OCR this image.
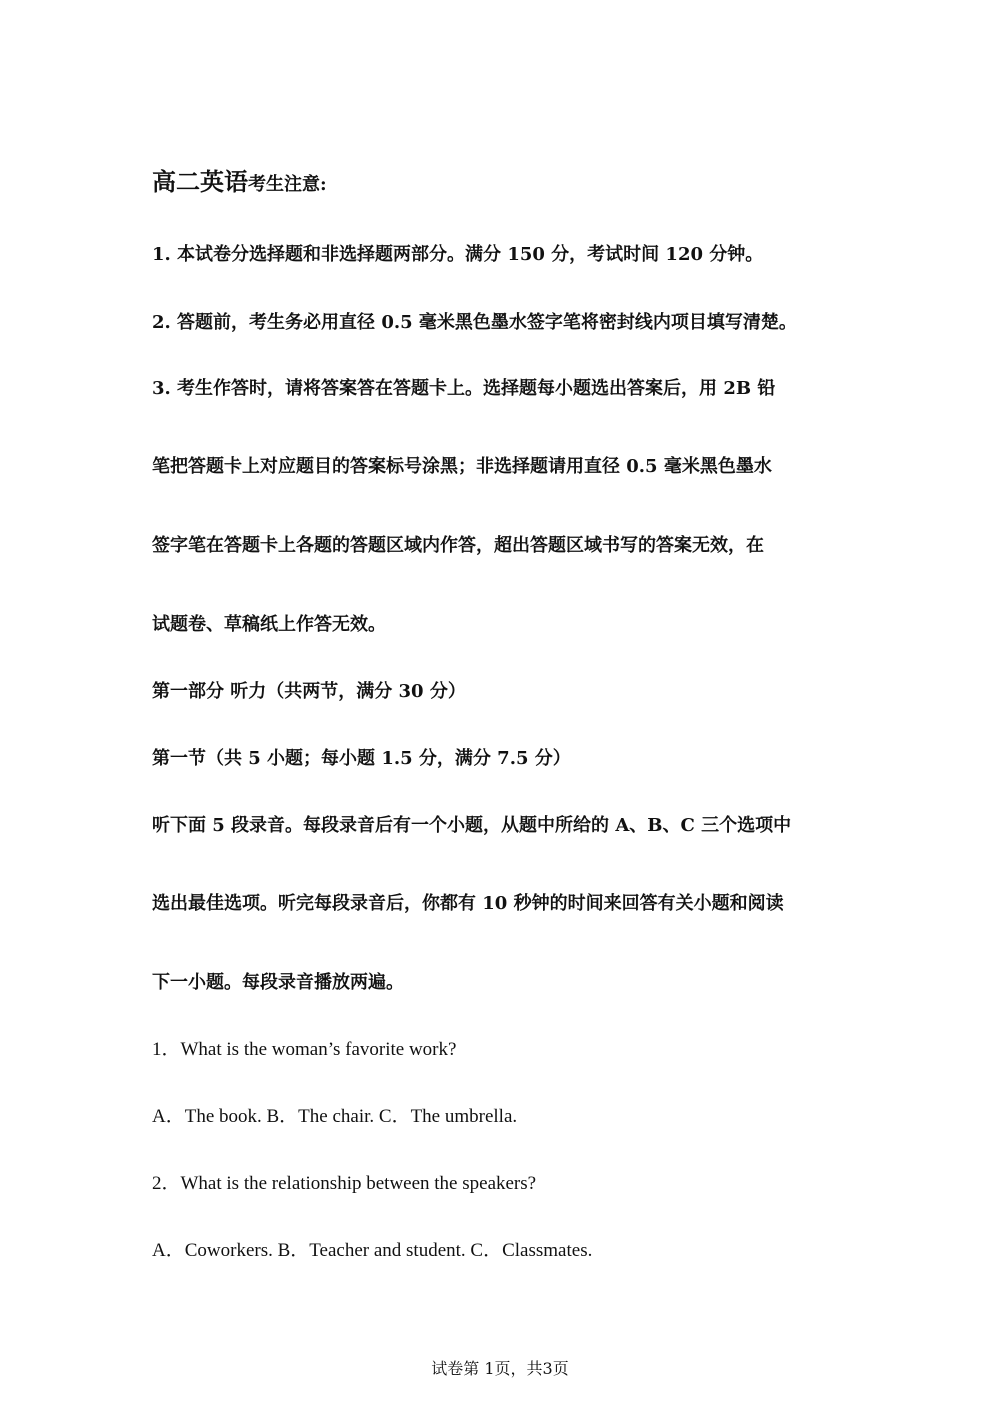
高二英语考生注意:
1. 本试卷分选择题和非选择题两部分。满分 150 分，考试时间 120 分钟。
2. 答题前，考生务必用直径 0.5 毫米黑色墨水签字笔将密封线内项目填写清楚。
3. 考生作答时，请将答案答在答题卡上。选择题每小题选出答案后，用 2B 铅
笔把答题卡上对应题目的答案标号涂黑；非选择题请用直径 0.5 毫米黑色墨水
签字笔在答题卡上各题的答题区域内作答，超出答题区域书写的答案无效，在
试题卷、草稿纸上作答无效。
第一部分 听力（共两节，满分 30 分）
第一节（共 5 小题；每小题 1.5 分，满分 7.5 分）
听下面 5 段录音。每段录音后有一个小题，从题中所给的 A、B、C 三个选项中
选出最佳选项。听完每段录音后，你都有 10 秒钟的时间来回答有关小题和阅读
下一小题。每段录音播放两遍。
1．What is the woman’s favorite work?
A．The book. B．The chair. C．The umbrella.
2．What is the relationship between the speakers?
A．Coworkers. B．Teacher and student. C．Classmates.
试卷第 1页，共3页
